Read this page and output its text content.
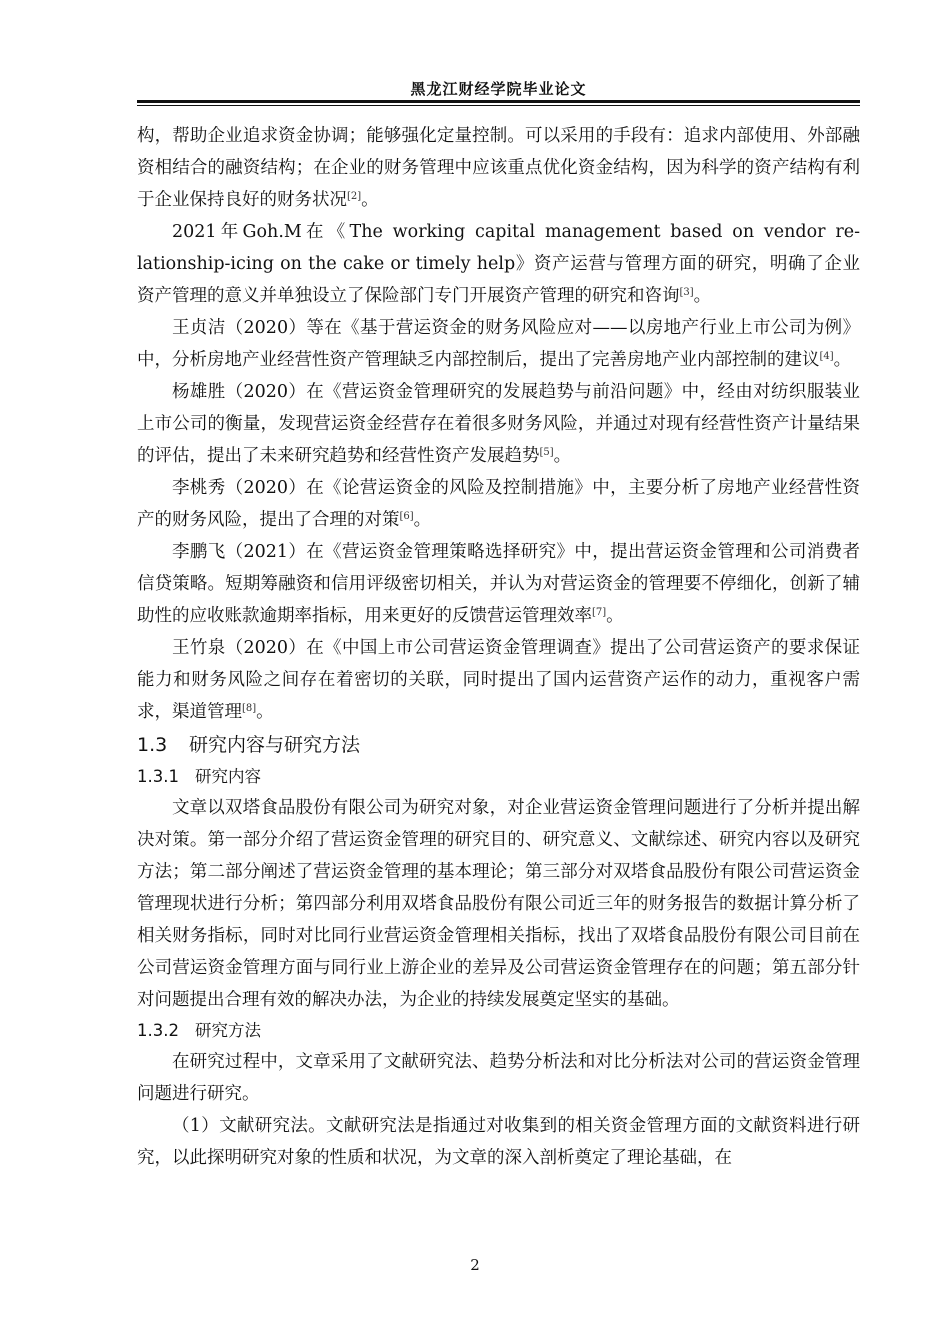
黑龙江财经学院毕业论文

构，帮助企业追求资金协调；能够强化定量控制。可以采用的手段有：追求内部使用、外部融资相结合的融资结构；在企业的财务管理中应该重点优化资金结构，因为科学的资产结构有利于企业保持良好的财务状况[2]。

2021年Goh.M在《The working capital management based on vendor re-lationship-icing on the cake or timely help》资产运营与管理方面的研究，明确了企业资产管理的意义并单独设立了保险部门专门开展资产管理的研究和咨询[3]。

王贞洁（2020）等在《基于营运资金的财务风险应对——以房地产行业上市公司为例》中，分析房地产业经营性资产管理缺乏内部控制后，提出了完善房地产业内部控制的建议[4]。

杨雄胜（2020）在《营运资金管理研究的发展趋势与前沿问题》中，经由对纺织服装业上市公司的衡量，发现营运资金经营存在着很多财务风险，并通过对现有经营性资产计量结果的评估，提出了未来研究趋势和经营性资产发展趋势[5]。

李桃秀（2020）在《论营运资金的风险及控制措施》中，主要分析了房地产业经营性资产的财务风险，提出了合理的对策[6]。

李鹏飞（2021）在《营运资金管理策略选择研究》中，提出营运资金管理和公司消费者信贷策略。短期筹融资和信用评级密切相关，并认为对营运资金的管理要不停细化，创新了辅助性的应收账款逾期率指标，用来更好的反馈营运管理效率[7]。

王竹泉（2020）在《中国上市公司营运资金管理调查》提出了公司营运资产的要求保证能力和财务风险之间存在着密切的关联，同时提出了国内运营资产运作的动力，重视客户需求，渠道管理[8]。

1.3 研究内容与研究方法
1.3.1 研究内容

文章以双塔食品股份有限公司为研究对象，对企业营运资金管理问题进行了分析并提出解决对策。第一部分介绍了营运资金管理的研究目的、研究意义、文献综述、研究内容以及研究方法；第二部分阐述了营运资金管理的基本理论；第三部分对双塔食品股份有限公司营运资金管理现状进行分析；第四部分利用双塔食品股份有限公司近三年的财务报告的数据计算分析了相关财务指标，同时对比同行业营运资金管理相关指标，找出了双塔食品股份有限公司目前在公司营运资金管理方面与同行业上游企业的差异及公司营运资金管理存在的问题；第五部分针对问题提出合理有效的解决办法，为企业的持续发展奠定坚实的基础。

1.3.2 研究方法

在研究过程中，文章采用了文献研究法、趋势分析法和对比分析法对公司的营运资金管理问题进行研究。

（1）文献研究法。文献研究法是指通过对收集到的相关资金管理方面的文献资料进行研究，以此探明研究对象的性质和状况，为文章的深入剖析奠定了理论基础，在

2
